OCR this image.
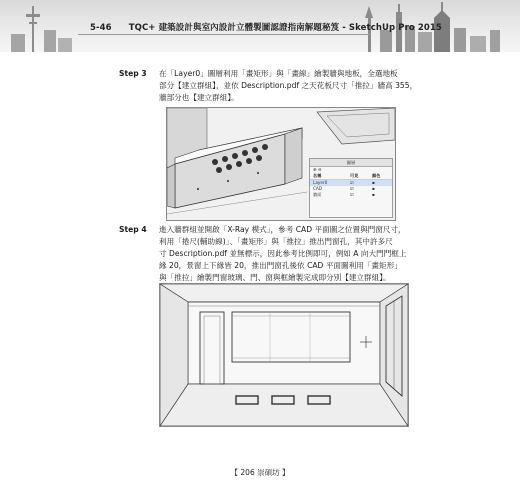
5-46 TQC+ 建築設計與室內設計立體製圖認證指南解題秘笈 - SketchUp Pro 2015
Step 3 在「Layer0」圖層利用「畫矩形」與「畫線」繪製牆與地板，全選地板
部分【建立群組】，並依 Description.pdf 之天花板尺寸「推拉」牆高 355，
牆部分也【建立群組】。
圖層
⊕ ⊖
名稱	可見	顏色
Layer0	☑	▪
CAD	☑	▪
牆面	☑	▪
Step 4 進入牆群組並開啟「X-Ray 模式」，參考 CAD 平面圖之位置與門窗尺寸，
利用「捲尺(輔助線)」、「畫矩形」與「推拉」推出門窗孔，其中許多尺
寸 Description.pdf 並無標示，因此參考比例即可，例如 A 向大門門框上
緣 20，景窗上下緣皆 20，推出門窗孔後依 CAD 平面圖利用「畫矩形」
與「推拉」繪製門窗玻璃、門、窗與框繪製完成即分別【建立群組】。
【 206 崇碩坊 】
